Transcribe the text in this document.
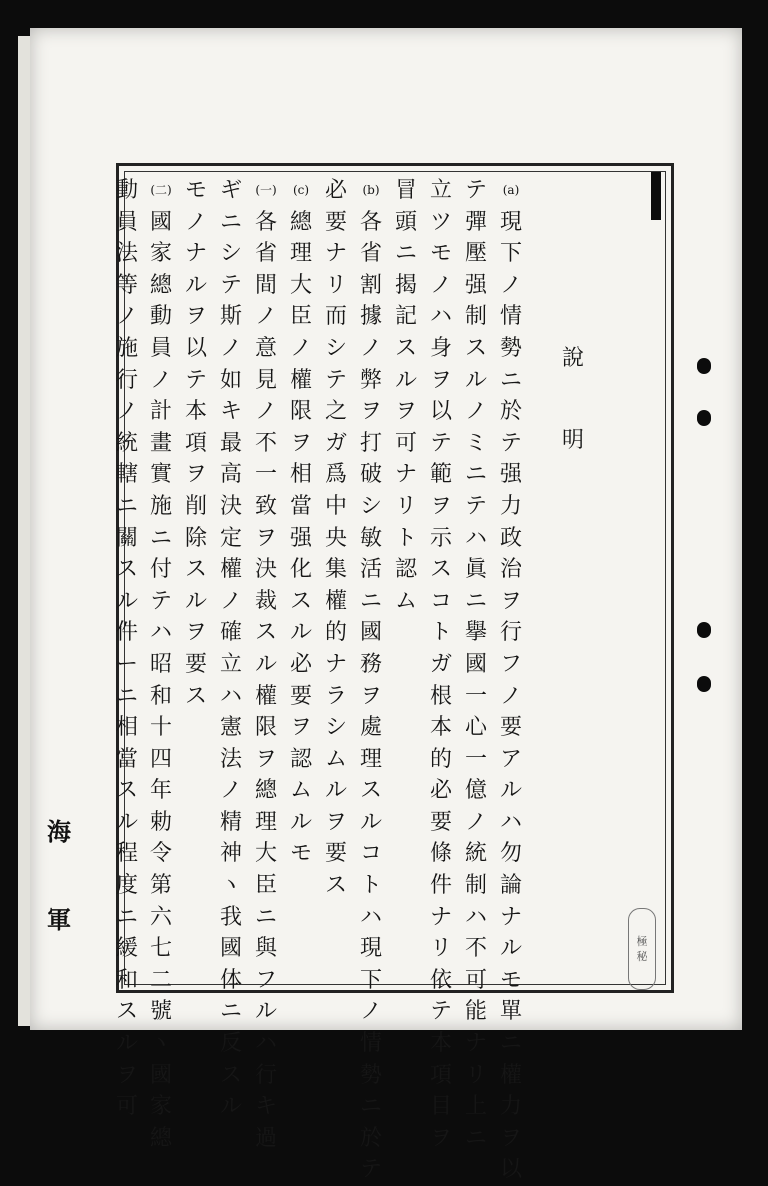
說
明
(a)
現
下
ノ
情
勢
ニ
於
テ
强
力
政
治
ヲ
行
フ
ノ
要
ア
ル
ハ
勿
論
ナ
ル
モ
單
ニ
權
力
ヲ
以
テ
彈
壓
强
制
ス
ル
ノ
ミ
ニ
テ
ハ
眞
ニ
擧
國
一
心
一
億
ノ
統
制
ハ
不
可
能
ナ
リ
上
ニ
立
ツ
モ
ノ
ハ
身
ヲ
以
テ
範
ヲ
示
ス
コ
ト
ガ
根
本
的
必
要
條
件
ナ
リ
依
テ
本
項
目
ヲ
冒
頭
ニ
揭
記
ス
ル
ヲ
可
ナ
リ
ト
認
ム
(b)
各
省
割
據
ノ
弊
ヲ
打
破
シ
敏
活
ニ
國
務
ヲ
處
理
ス
ル
コ
ト
ハ
現
下
ノ
情
勢
ニ
於
テ
必
要
ナ
リ
而
シ
テ
之
ガ
爲
中
央
集
權
的
ナ
ラ
シ
ム
ル
ヲ
要
ス
(c)
總
理
大
臣
ノ
權
限
ヲ
相
當
强
化
ス
ル
必
要
ヲ
認
ム
ル
モ
(一)
各
省
間
ノ
意
見
ノ
不
一
致
ヲ
決
裁
ス
ル
權
限
ヲ
總
理
大
臣
ニ
與
フ
ル
ハ
行
キ
過
ギ
ニ
シ
テ
斯
ノ
如
キ
最
高
決
定
權
ノ
確
立
ハ
憲
法
ノ
精
神
ヽ
我
國
体
ニ
反
ス
ル
モ
ノ
ナ
ル
ヲ
以
テ
本
項
ヲ
削
除
ス
ル
ヲ
要
ス
(二)
國
家
總
動
員
ノ
計
畫
實
施
ニ
付
テ
ハ
昭
和
十
四
年
勅
令
第
六
七
二
號
ヽ
國
家
總
動
員
法
等
ノ
施
行
ノ
統
轄
ニ
關
ス
ル
件
ー
ニ
相
當
ス
ル
程
度
ニ
緩
和
ス
ル
ヲ
可
海
軍
極
秘
